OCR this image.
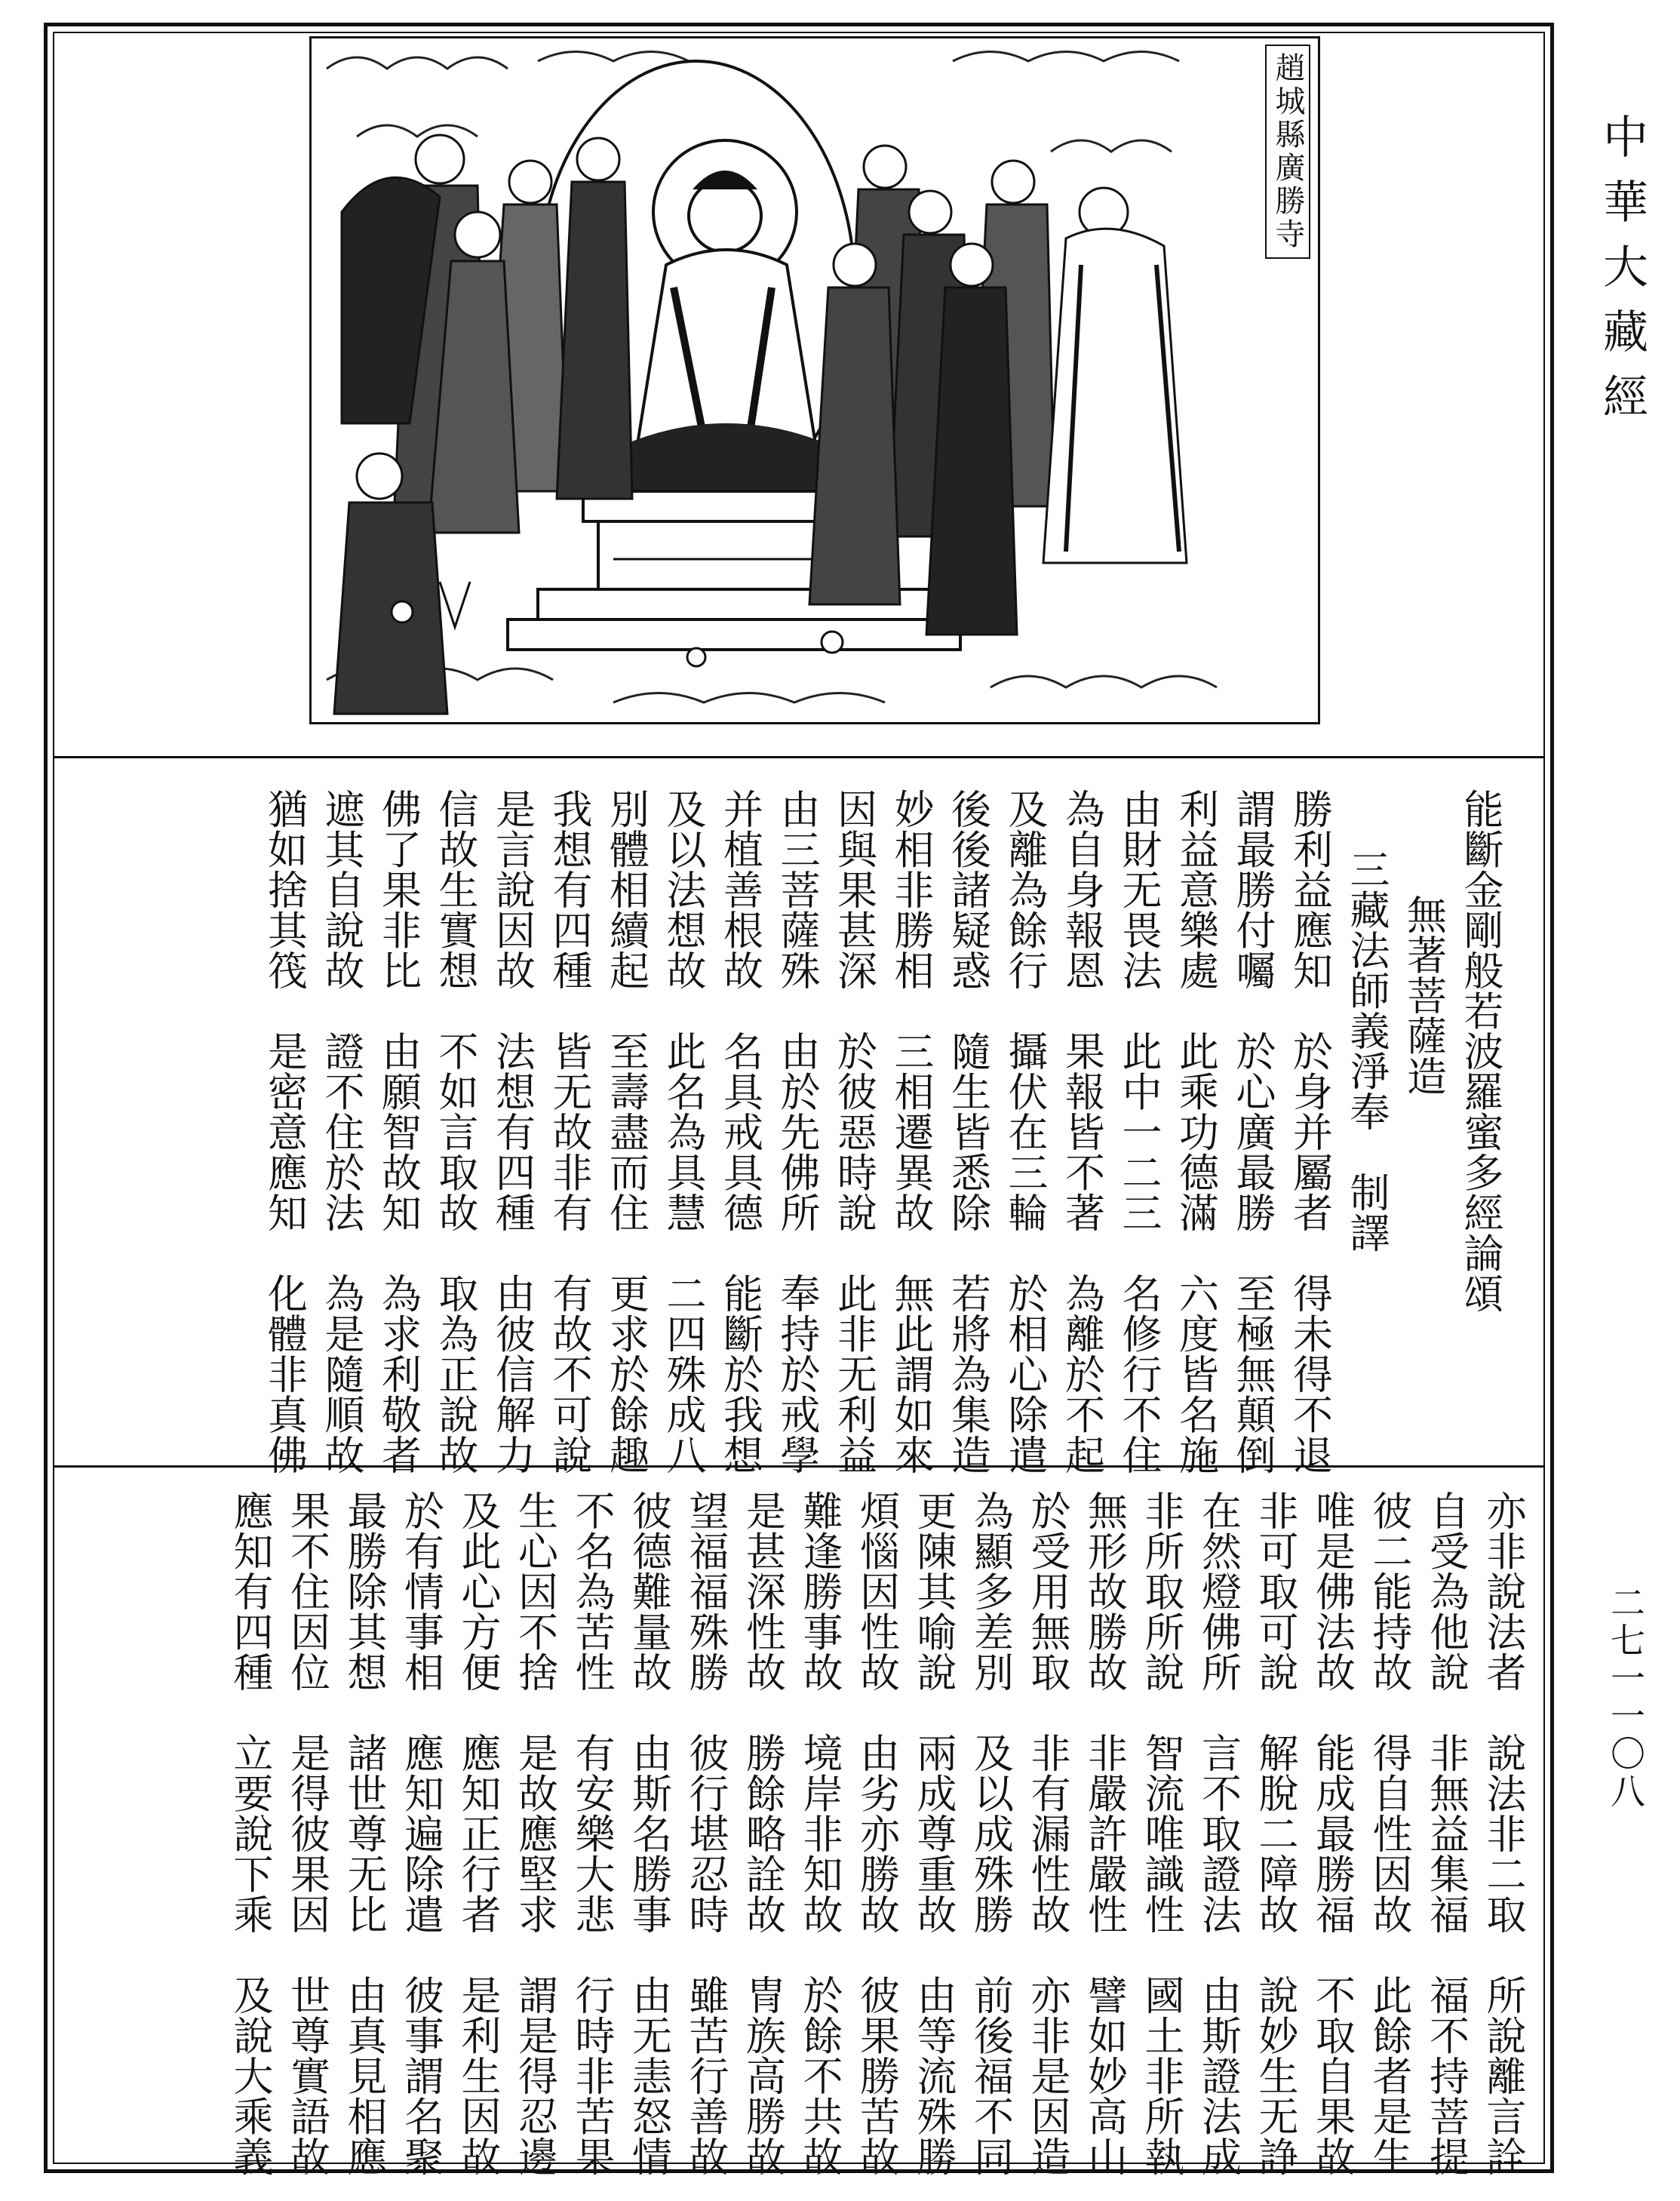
中華大藏經
二七一一〇八
趙城縣廣勝寺
能斷金剛般若波羅蜜多經論頌
無著菩薩造
三藏法師義淨奉　制譯
勝利益應知　於身并屬者　得未得不退
謂最勝付囑　於心廣最勝　至極無顛倒
利益意樂處　此乘功德滿　六度皆名施
由財无畏法　此中一二三　名修行不住
為自身報恩　果報皆不著　為離於不起
及離為餘行　攝伏在三輪　於相心除遣
後後諸疑惑　隨生皆悉除　若將為集造
妙相非勝相　三相遷異故　無此謂如來
因與果甚深　於彼惡時說　此非无利益
由三菩薩殊　由於先佛所　奉持於戒學
并植善根故　名具戒具德　能斷於我想
及以法想故　此名為具慧　二四殊成八
別體相續起　至壽盡而住　更求於餘趣
我想有四種　皆无故非有　有故不可說
是言說因故　法想有四種　由彼信解力
信故生實想　不如言取故　取為正說故
佛了果非比　由願智故知　為求利敬者
遮其自說故　證不住於法　為是隨順故
猶如捨其筏　是密意應知　化體非真佛
亦非說法者　說法非二取　所說離言詮
自受為他說　非無益集福　福不持菩提
彼二能持故　得自性因故　此餘者是生
唯是佛法故　能成最勝福　不取自果故
非可取可說　解脫二障故　說妙生无諍
在然燈佛所　言不取證法　由斯證法成
非所取所說　智流唯識性　國土非所執
無形故勝故　非嚴許嚴性　譬如妙高山
於受用無取　非有漏性故　亦非是因造
為顯多差別　及以成殊勝　前後福不同
更陳其喻說　兩成尊重故　由等流殊勝
煩惱因性故　由劣亦勝故　彼果勝苦故
難逢勝事故　境岸非知故　於餘不共故
是甚深性故　勝餘略詮故　冑族高勝故
望福福殊勝　彼行堪忍時　雖苦行善故
彼德難量故　由斯名勝事　由无恚怒情
不名為苦性　有安樂大悲　行時非苦果
生心因不捨　是故應堅求　謂是得忍邊
及此心方便　應知正行者　是利生因故
於有情事相　應知遍除遣　彼事謂名聚
最勝除其想　諸世尊无比　由真見相應
果不住因位　是得彼果因　世尊實語故
應知有四種　立要說下乘　及說大乘義
